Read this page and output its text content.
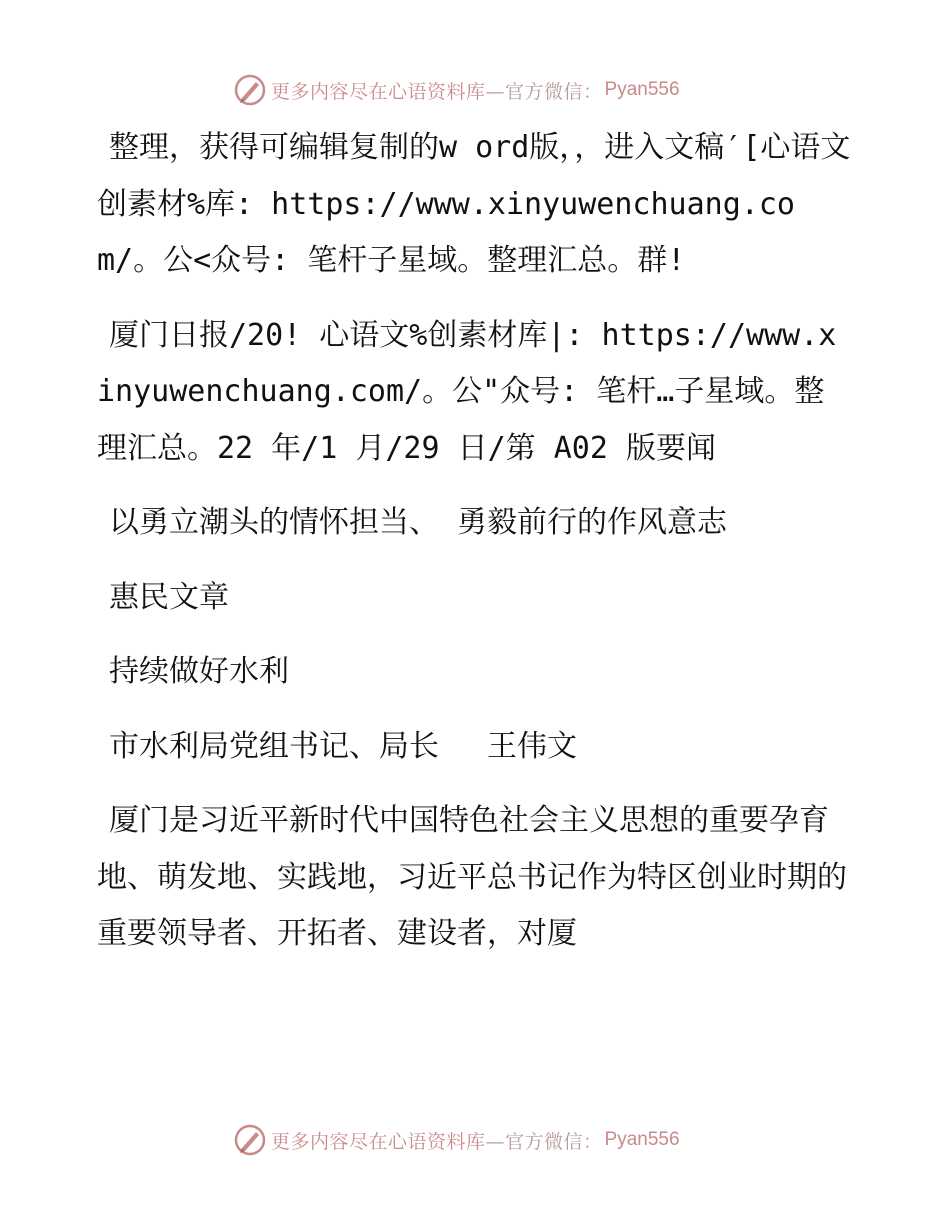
更多内容尽在心语资料库 —官方微信： Pyan556

整理，获得可编辑复制的w ord版，，进入文稿′[心语文创素材%库: https://www.xinyuwenchuang.com/。公<众号: 笔杆子星域。整理汇总。群!

厦门日报/20! 心语文%创素材库|: https://www.xinyuwenchuang.com/。公"众号: 笔杆…子星域。整理汇总。22 年/1 月/29 日/第 A02 版要闻

以勇立潮头的情怀担当、 勇毅前行的作风意志

惠民文章

持续做好水利

市水利局党组书记、局长　 王伟文

厦门是习近平新时代中国特色社会主义思想的重要孕育地、萌发地、实践地，习近平总书记作为特区创业时期的重要领导者、开拓者、建设者，对厦

更多内容尽在心语资料库 —官方微信： Pyan556
